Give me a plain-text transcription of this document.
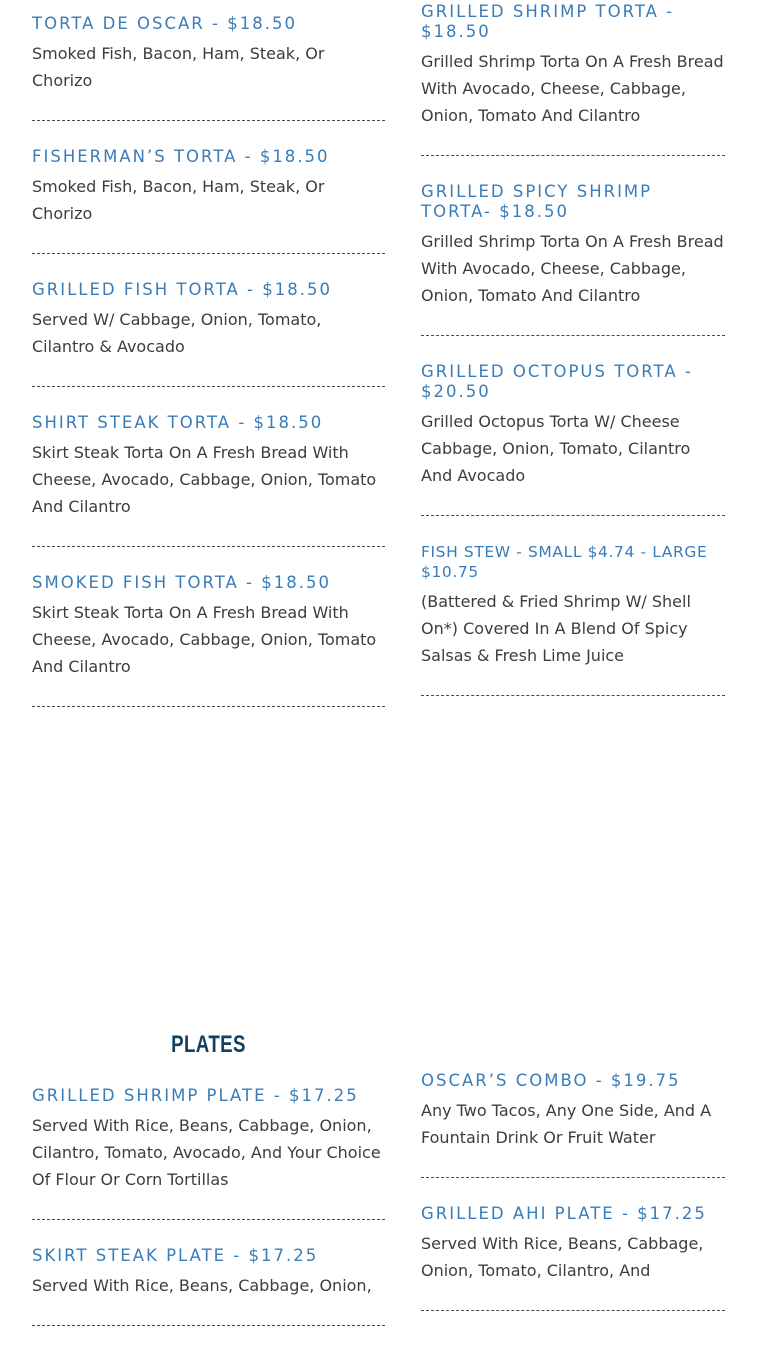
TORTA DE OSCAR - $18.50

Smoked Fish, Bacon, Ham, Steak, Or Chorizo

FISHERMAN’S TORTA - $18.50

Smoked Fish, Bacon, Ham, Steak, Or Chorizo

GRILLED FISH TORTA - $18.50

Served W/ Cabbage, Onion, Tomato, Cilantro & Avocado

SHIRT STEAK TORTA - $18.50

Skirt Steak Torta On A Fresh Bread With Cheese, Avocado, Cabbage, Onion, Tomato And Cilantro

SMOKED FISH TORTA - $18.50

Skirt Steak Torta On A Fresh Bread With Cheese, Avocado, Cabbage, Onion, Tomato And Cilantro

GRILLED SHRIMP TORTA - $18.50

Grilled Shrimp Torta On A Fresh Bread With Avocado, Cheese, Cabbage, Onion, Tomato And Cilantro

GRILLED SPICY SHRIMP TORTA- $18.50

Grilled Shrimp Torta On A Fresh Bread With Avocado, Cheese, Cabbage, Onion, Tomato And Cilantro

GRILLED OCTOPUS TORTA - $20.50

Grilled Octopus Torta W/ Cheese Cabbage, Onion, Tomato, Cilantro And Avocado

FISH STEW - SMALL $4.74 - LARGE $10.75

(Battered & Fried Shrimp W/ Shell On*) Covered In A Blend Of Spicy Salsas & Fresh Lime Juice

PLATES
GRILLED SHRIMP PLATE - $17.25

Served With Rice, Beans, Cabbage, Onion, Cilantro, Tomato, Avocado, And Your Choice Of Flour Or Corn Tortillas

SKIRT STEAK PLATE - $17.25

Served With Rice, Beans, Cabbage, Onion,

OSCAR’S COMBO - $19.75

Any Two Tacos, Any One Side, And A Fountain Drink Or Fruit Water

GRILLED AHI PLATE - $17.25

Served With Rice, Beans, Cabbage, Onion, Tomato, Cilantro, And
